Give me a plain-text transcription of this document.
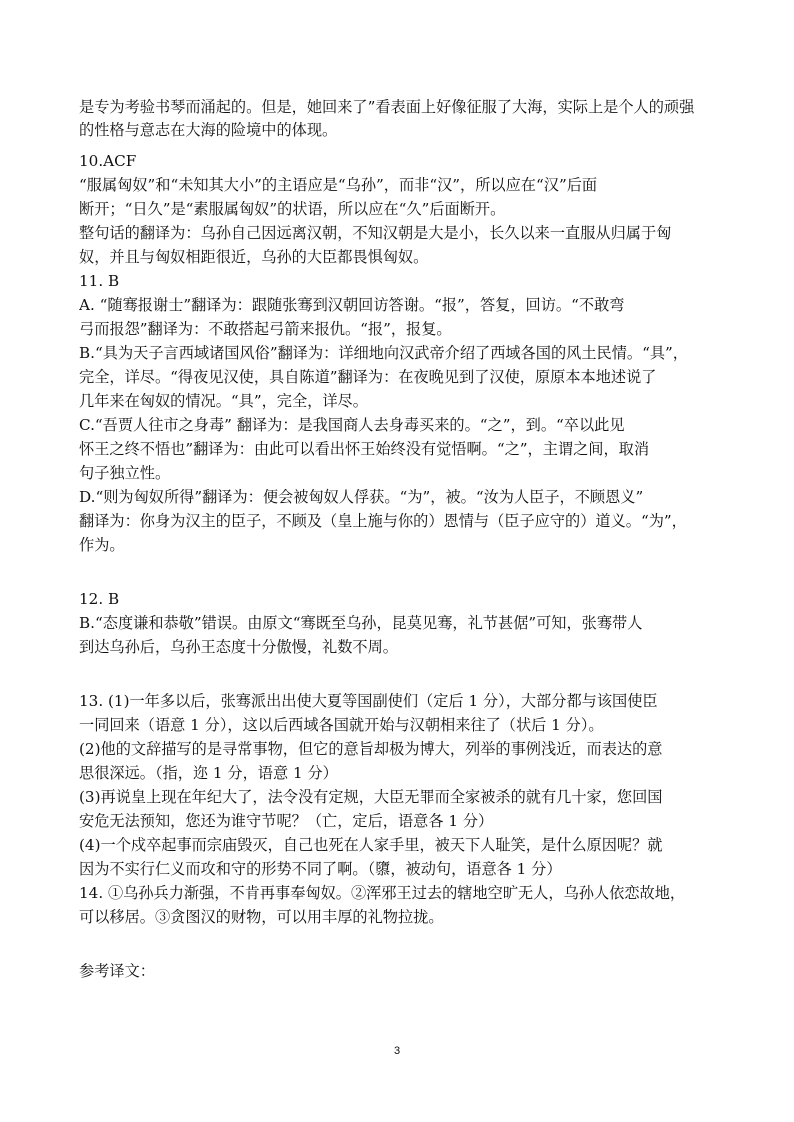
是专为考验书琴而涌起的。但是，她回来了”看表面上好像征服了大海，实际上是个人的顽强
的性格与意志在大海的险境中的体现。
10.ACF
“服属匈奴”和“未知其大小”的主语应是“乌孙”，而非“汉”，所以应在“汉”后面
断开；“日久”是“素服属匈奴”的状语，所以应在“久”后面断开。
整句话的翻译为：乌孙自己因远离汉朝，不知汉朝是大是小，长久以来一直服从归属于匈
奴，并且与匈奴相距很近，乌孙的大臣都畏惧匈奴。
11. B
A. “随骞报谢士”翻译为：跟随张骞到汉朝回访答谢。“报”，答复，回访。“不敢弯
弓而报怨”翻译为：不敢搭起弓箭来报仇。“报”，报复。
B.“具为天子言西域诸国风俗”翻译为：详细地向汉武帝介绍了西域各国的风土民情。“具”，
完全，详尽。“得夜见汉使，具自陈道”翻译为：在夜晚见到了汉使，原原本本地述说了
几年来在匈奴的情况。“具”，完全，详尽。
C.“吾贾人往市之身毒” 翻译为：是我国商人去身毒买来的。“之”，到。“卒以此见
怀王之终不悟也”翻译为：由此可以看出怀王始终没有觉悟啊。“之”，主谓之间，取消
句子独立性。
D.“则为匈奴所得”翻译为：便会被匈奴人俘获。“为”，被。“汝为人臣子，不顾恩义”
翻译为：你身为汉主的臣子，不顾及（皇上施与你的）恩情与（臣子应守的）道义。“为”，
作为。
12. B
B.“态度谦和恭敬”错误。由原文“骞既至乌孙，昆莫见骞，礼节甚倨”可知，张骞带人
到达乌孙后，乌孙王态度十分傲慢，礼数不周。
13. (1)一年多以后，张骞派出出使大夏等国副使们（定后 1 分），大部分都与该国使臣
一同回来（语意 1 分），这以后西域各国就开始与汉朝相来往了（状后 1 分）。
(2)他的文辞描写的是寻常事物，但它的意旨却极为博大，列举的事例浅近，而表达的意
思很深远。（指，迩 1 分，语意 1 分）
(3)再说皇上现在年纪大了，法令没有定规，大臣无罪而全家被杀的就有几十家，您回国
安危无法预知，您还为谁守节呢？（亡，定后，语意各 1 分）
(4)一个戍卒起事而宗庙毁灭，自己也死在人家手里，被天下人耻笑，是什么原因呢？就
因为不实行仁义而攻和守的形势不同了啊。（隳，被动句，语意各 1 分）
14. ①乌孙兵力渐强，不肯再事奉匈奴。②浑邪王过去的辖地空旷无人，乌孙人依恋故地，
可以移居。③贪图汉的财物，可以用丰厚的礼物拉拢。
参考译文：
3
